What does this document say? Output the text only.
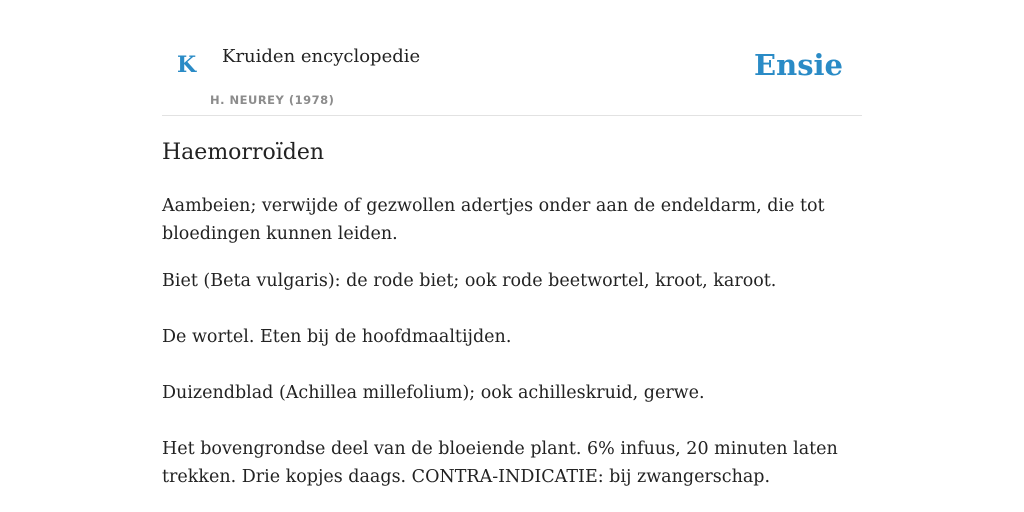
K Kruiden encyclopedie
H. NEUREY (1978)
Ensie
Haemorroïden

Aambeien; verwijde of gezwollen adertjes onder aan de endeldarm, die tot bloedingen kunnen leiden.

Biet (Beta vulgaris): de rode biet; ook rode beetwortel, kroot, karoot.

De wortel. Eten bij de hoofdmaaltijden.

Duizendblad (Achillea millefolium); ook achilleskruid, gerwe.

Het bovengrondse deel van de bloeiende plant. 6% infuus, 20 minuten laten trekken. Drie kopjes daags. CONTRA-INDICATIE: bij zwangerschap.
